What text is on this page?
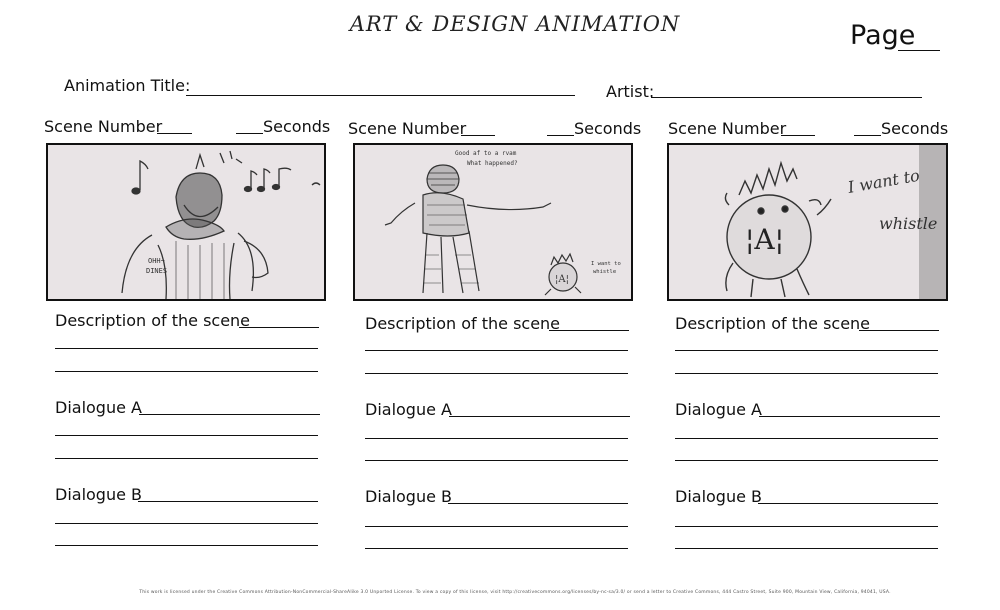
ART & DESIGN ANIMATION	Page
Animation Title:	Artist:
Scene Number	Seconds
OHH~
DINES
Description of the scene
Dialogue A
Dialogue B
Scene Number	Seconds
Good af to a rvam
What happened?
¦A¦
I want to
whistle
Description of the scene
Dialogue A
Dialogue B
Scene Number	Seconds
¦A¦
I want to
whistle
Description of the scene
Dialogue A
Dialogue B
This work is licensed under the Creative Commons Attribution-NonCommercial-ShareAlike 3.0 Unported License. To view a copy of this license, visit http://creativecommons.org/licenses/by-nc-sa/3.0/ or send a letter to Creative Commons, 444 Castro Street, Suite 900, Mountain View, California, 94041, USA.
